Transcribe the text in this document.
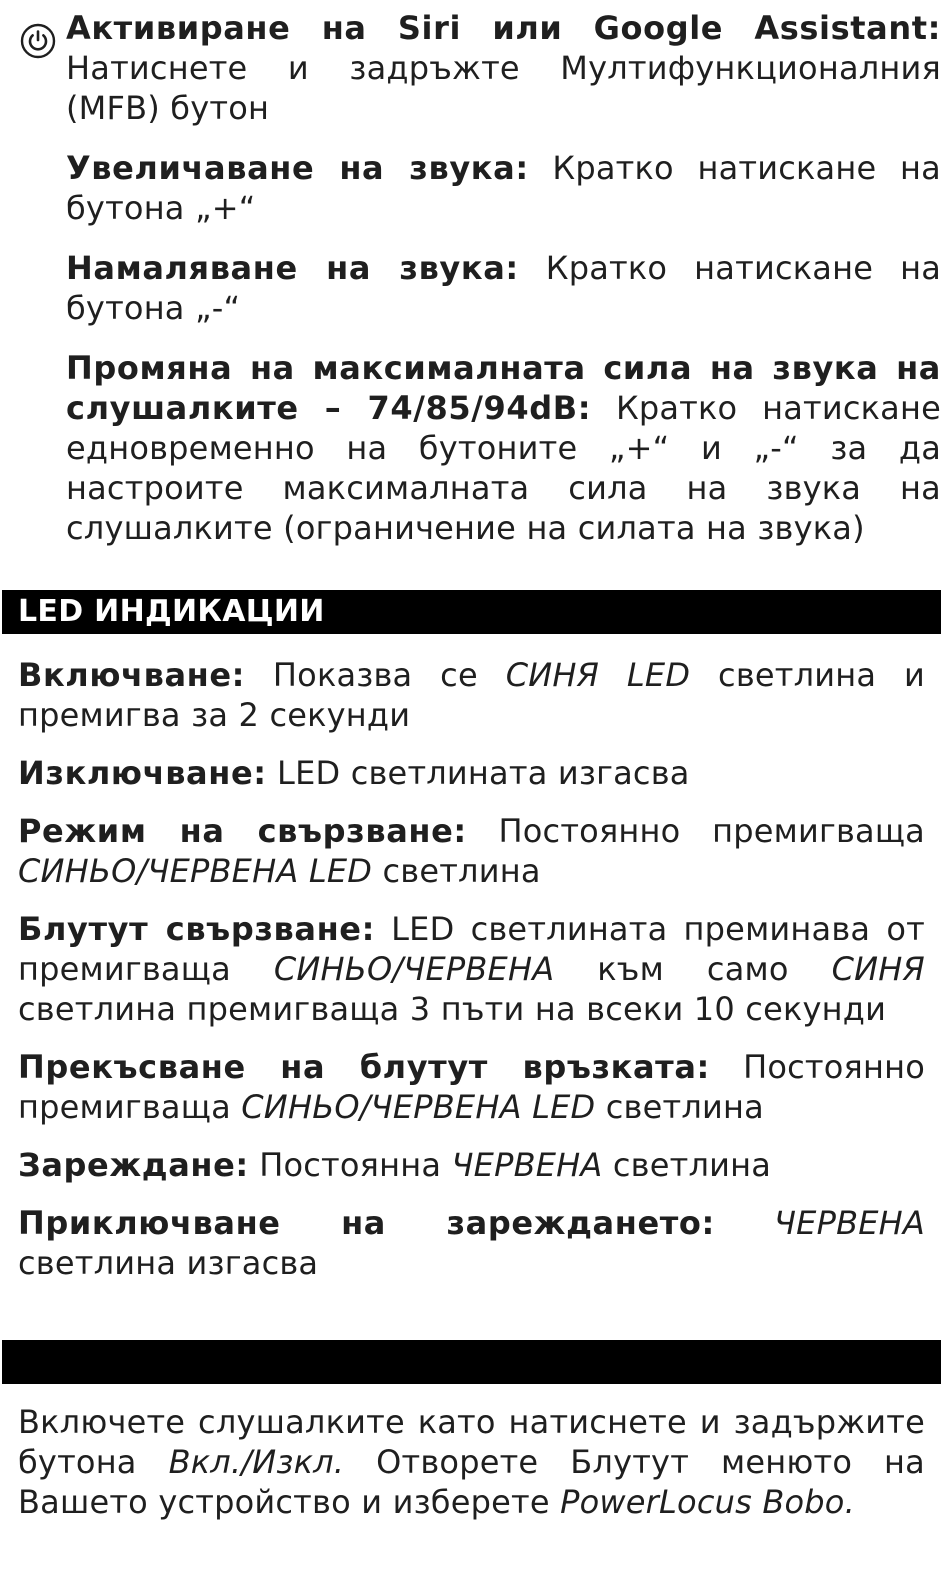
Активиране на Siri или Google Assistant: Натиснете и задръжте Мултифункционалния (MFB) бутон

Увеличаване на звука: Кратко натискане на бутона „+“

Намаляване на звука: Кратко натискане на бутона „-“

Промяна на максималната сила на звука на слушалките – 74/85/94dB: Кратко натискане едновременно на бутоните „+“ и „-“ за да настроите максималната сила на звука на слушалките (ограничение на силата на звука)

LED ИНДИКАЦИИ

Включване: Показва се СИНЯ LED светлина и премигва за 2 секунди

Изключване: LED светлината изгасва

Режим на свързване: Постоянно премигваща СИНЬО/ЧЕРВЕНА LED светлина

Блутут свързване: LED светлината преминава от премигваща СИНЬО/ЧЕРВЕНА към само СИНЯ светлина премигваща 3 пъти на всеки 10 секунди

Прекъсване на блутут връзката: Постоянно премигваща СИНЬО/ЧЕРВЕНА LED светлина

Зареждане: Постоянна ЧЕРВЕНА светлина

Приключване на зареждането: ЧЕРВЕНА светлина изгасва

Включете слушалките като натиснете и задържите бутона Вкл./Изкл. Отворете Блутут менюто на Вашето устройство и изберете PowerLocus Bobo.
